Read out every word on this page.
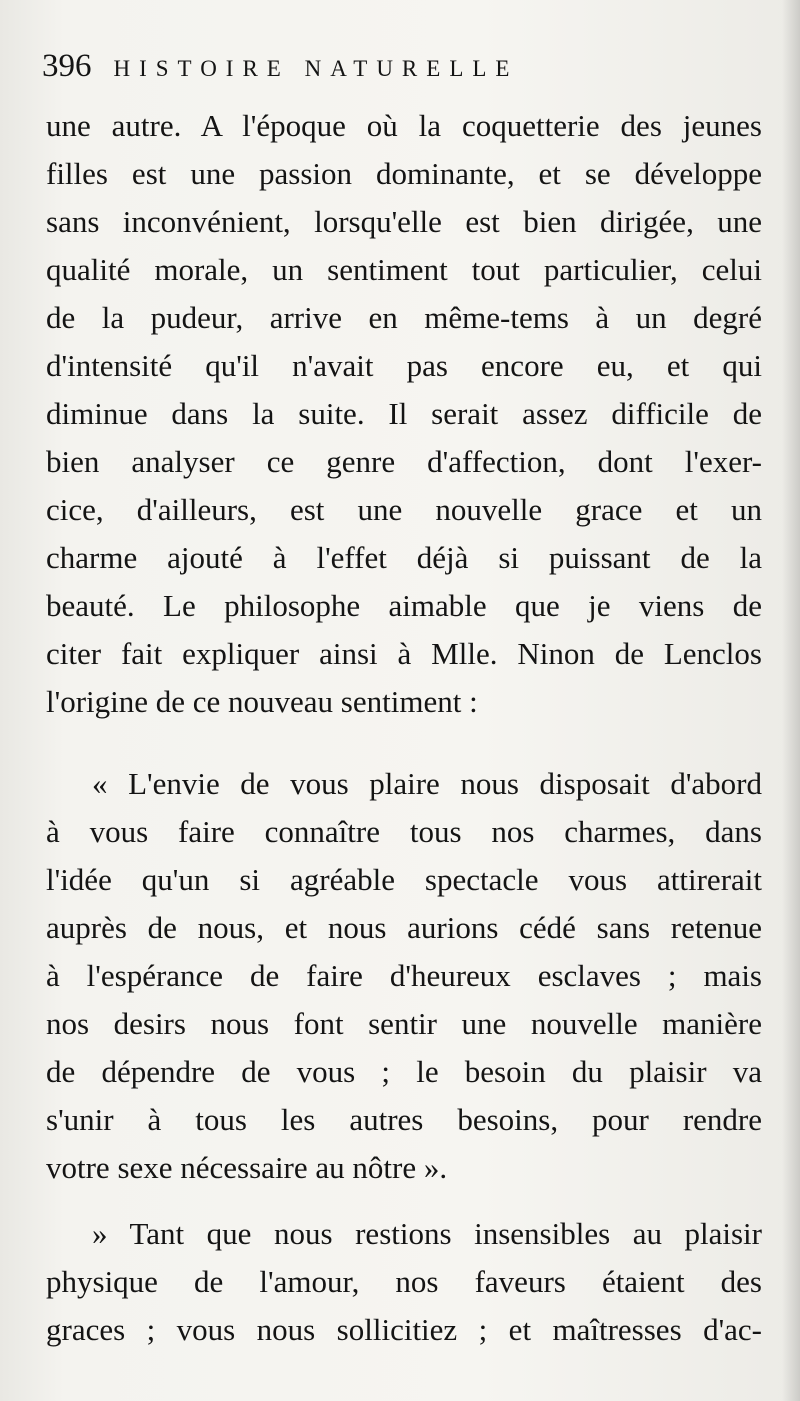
396 HISTOIRE NATURELLE
une autre. A l'époque où la coquetterie des jeunes
filles est une passion dominante, et se développe
sans inconvénient, lorsqu'elle est bien dirigée, une
qualité morale, un sentiment tout particulier, celui
de la pudeur, arrive en même-tems à un degré
d'intensité qu'il n'avait pas encore eu, et qui
diminue dans la suite. Il serait assez difficile de
bien analyser ce genre d'affection, dont l'exer-
cice, d'ailleurs, est une nouvelle grace et un
charme ajouté à l'effet déjà si puissant de la
beauté. Le philosophe aimable que je viens de
citer fait expliquer ainsi à Mlle. Ninon de Lenclos
l'origine de ce nouveau sentiment :
« L'envie de vous plaire nous disposait d'abord
à vous faire connaître tous nos charmes, dans
l'idée qu'un si agréable spectacle vous attirerait
auprès de nous, et nous aurions cédé sans retenue
à l'espérance de faire d'heureux esclaves ; mais
nos desirs nous font sentir une nouvelle manière
de dépendre de vous ; le besoin du plaisir va
s'unir à tous les autres besoins, pour rendre
votre sexe nécessaire au nôtre ».
» Tant que nous restions insensibles au plaisir
physique de l'amour, nos faveurs étaient des
graces ; vous nous sollicitiez ; et maîtresses d'ac-
